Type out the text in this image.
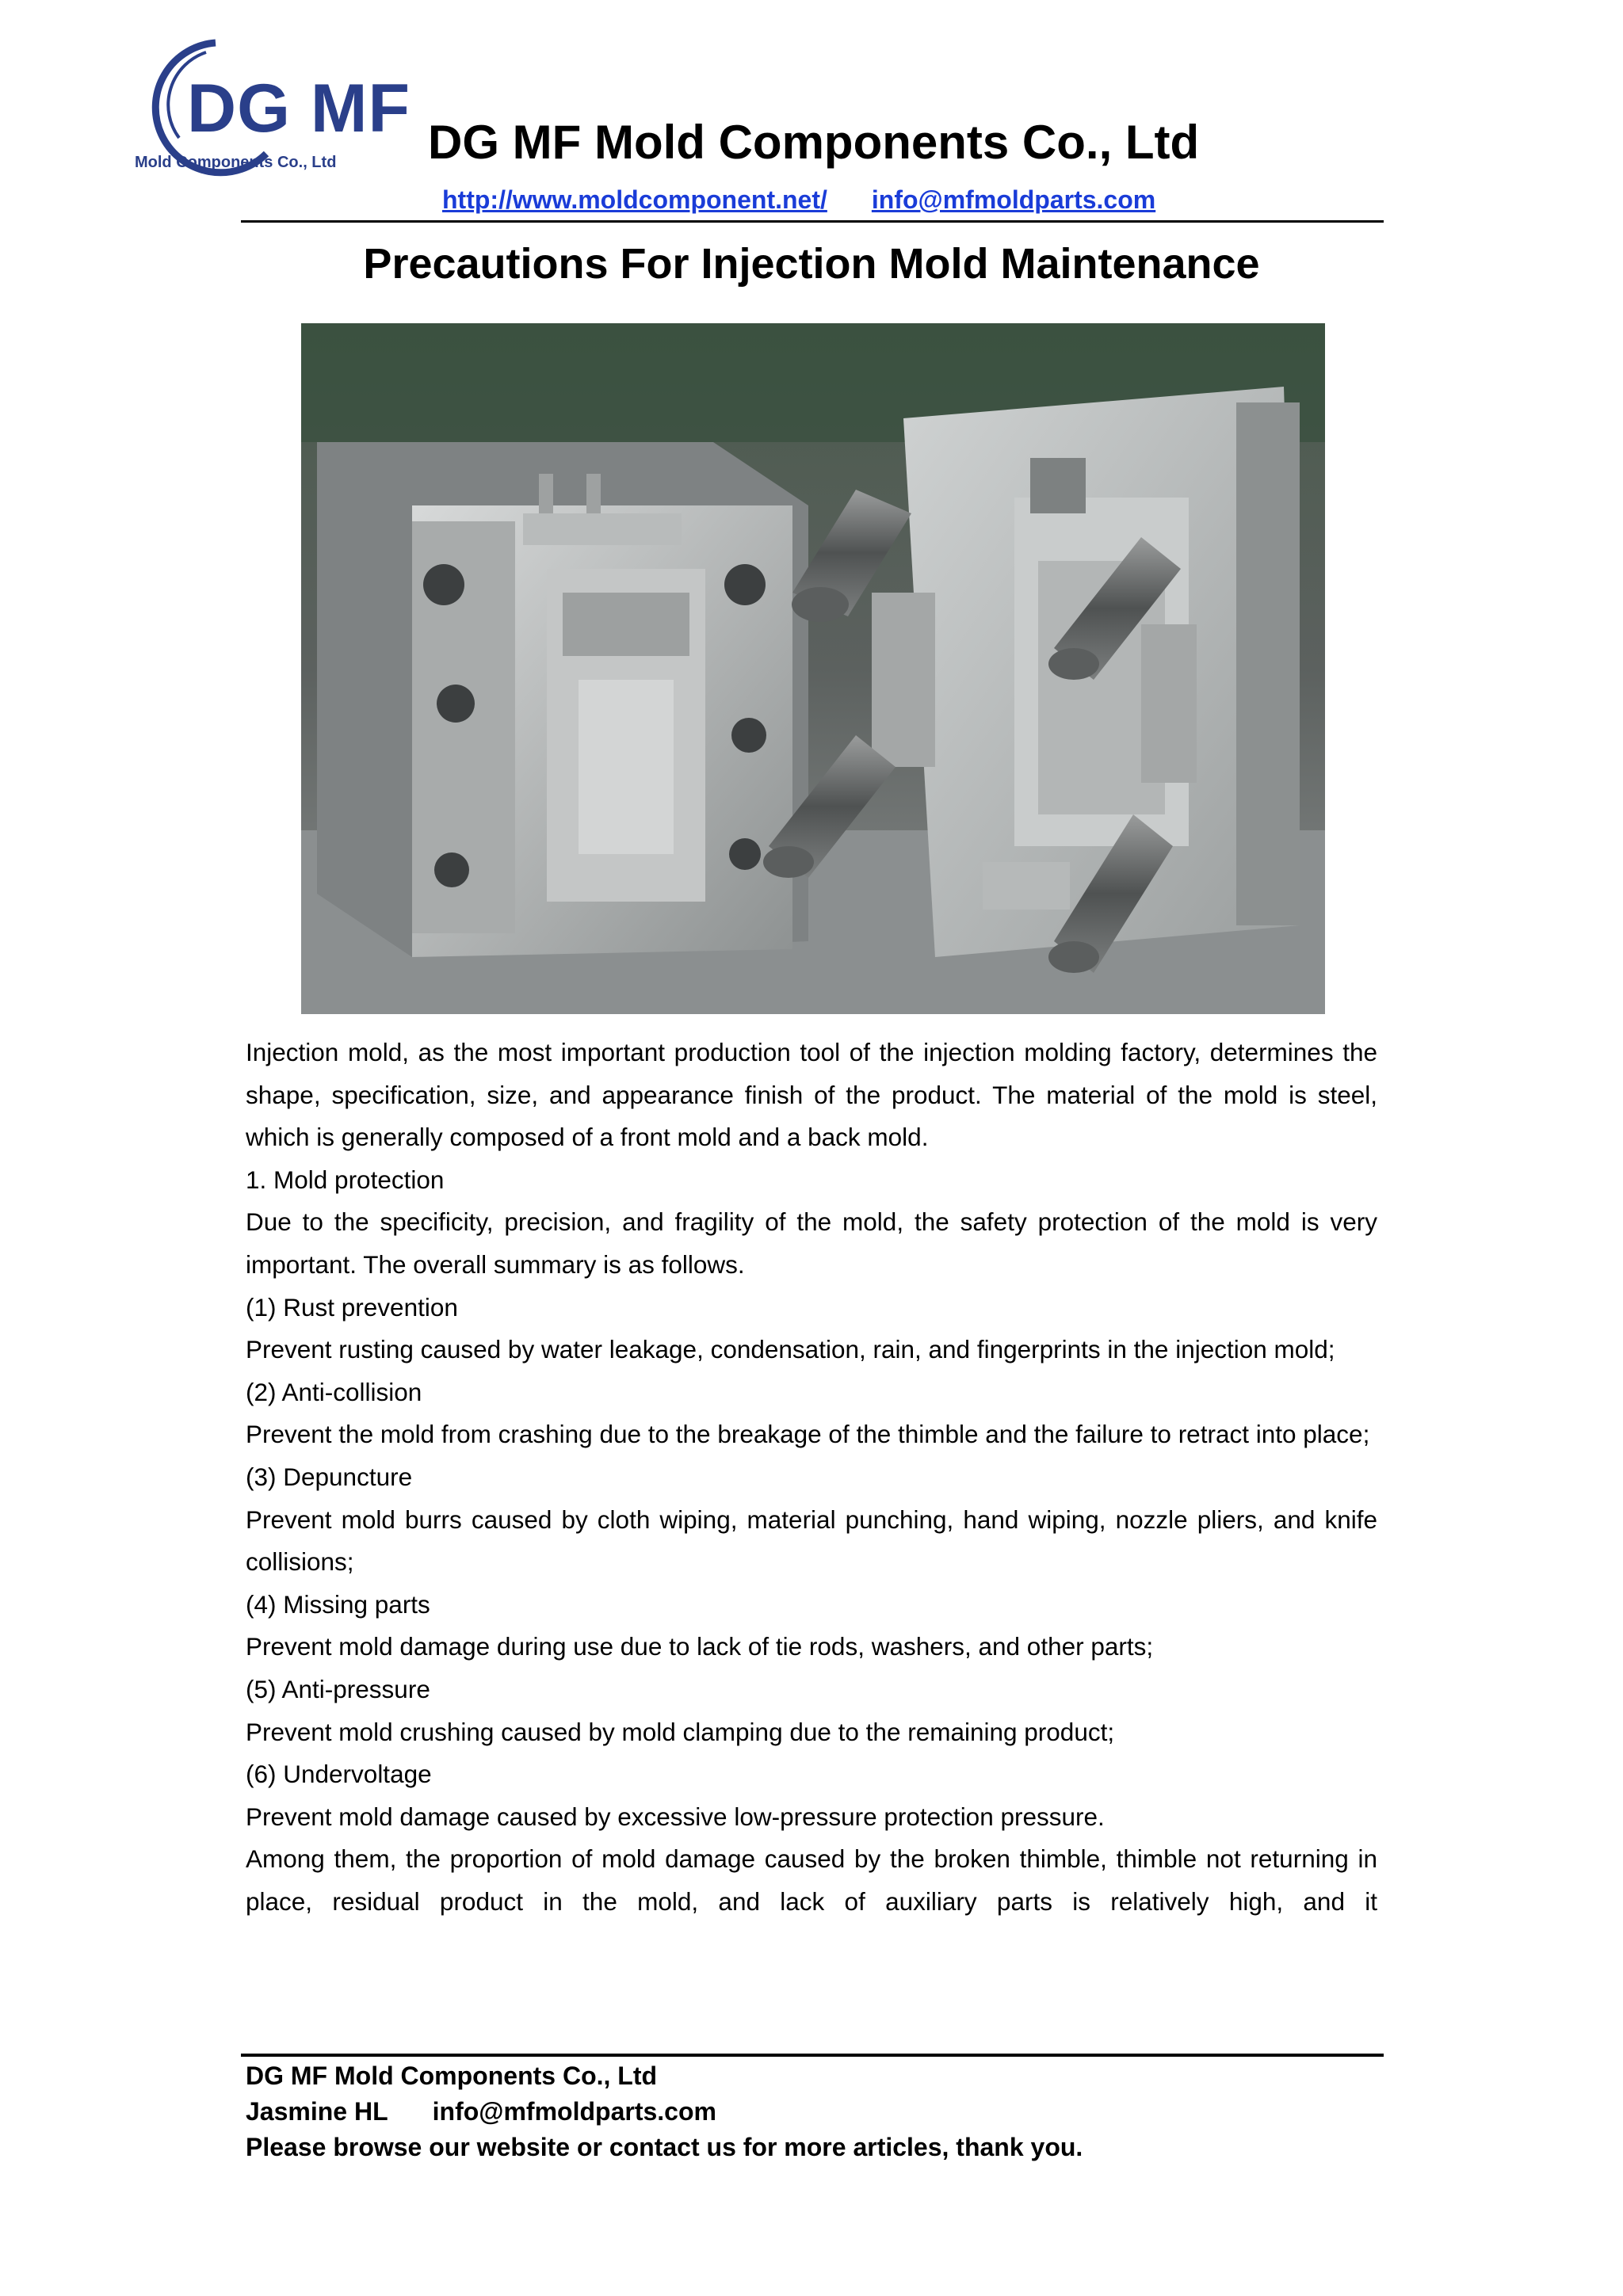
DG MF
Mold Components Co., Ltd DG MF Mold Components Co., Ltd
http://www.moldcomponent.net/ info@mfmoldparts.com
Precautions For Injection Mold Maintenance

Injection mold, as the most important production tool of the injection molding factory, determines the shape, specification, size, and appearance finish of the product. The material of the mold is steel, which is generally composed of a front mold and a back mold.

1. Mold protection

Due to the specificity, precision, and fragility of the mold, the safety protection of the mold is very important. The overall summary is as follows.

(1) Rust prevention

Prevent rusting caused by water leakage, condensation, rain, and fingerprints in the injection mold;

(2) Anti-collision

Prevent the mold from crashing due to the breakage of the thimble and the failure to retract into place;

(3) Depuncture

Prevent mold burrs caused by cloth wiping, material punching, hand wiping, nozzle pliers, and knife collisions;

(4) Missing parts

Prevent mold damage during use due to lack of tie rods, washers, and other parts;

(5) Anti-pressure

Prevent mold crushing caused by mold clamping due to the remaining product;

(6) Undervoltage

Prevent mold damage caused by excessive low-pressure protection pressure.

Among them, the proportion of mold damage caused by the broken thimble, thimble not returning in place, residual product in the mold, and lack of auxiliary parts is relatively high, and it

DG MF Mold Components Co., Ltd
Jasmine HL info@mfmoldparts.com
Please browse our website or contact us for more articles, thank you.
